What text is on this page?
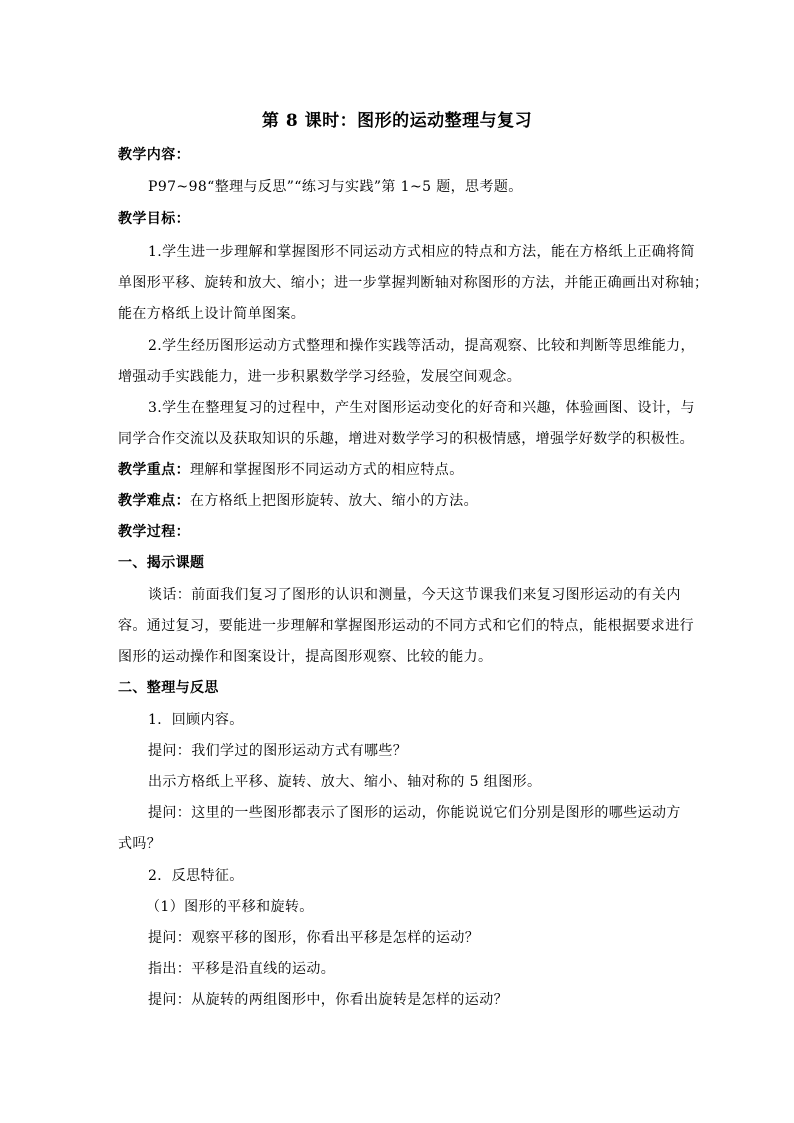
第 8 课时：图形的运动整理与复习
教学内容：
P97~98“整理与反思”“练习与实践”第 1~5 题，思考题。
教学目标：
1.学生进一步理解和掌握图形不同运动方式相应的特点和方法，能在方格纸上正确将简
单图形平移、旋转和放大、缩小；进一步掌握判断轴对称图形的方法，并能正确画出对称轴；
能在方格纸上设计简单图案。
2.学生经历图形运动方式整理和操作实践等活动，提高观察、比较和判断等思维能力，
增强动手实践能力，进一步积累数学学习经验，发展空间观念。
3.学生在整理复习的过程中，产生对图形运动变化的好奇和兴趣，体验画图、设计，与
同学合作交流以及获取知识的乐趣，增进对数学学习的积极情感，增强学好数学的积极性。
教学重点：理解和掌握图形不同运动方式的相应特点。
教学难点：在方格纸上把图形旋转、放大、缩小的方法。
教学过程：
一、揭示课题
谈话：前面我们复习了图形的认识和测量，今天这节课我们来复习图形运动的有关内
容。通过复习，要能进一步理解和掌握图形运动的不同方式和它们的特点，能根据要求进行
图形的运动操作和图案设计，提高图形观察、比较的能力。
二、整理与反思
1．回顾内容。
提问：我们学过的图形运动方式有哪些？
出示方格纸上平移、旋转、放大、缩小、轴对称的 5 组图形。
提问：这里的一些图形都表示了图形的运动，你能说说它们分别是图形的哪些运动方
式吗？
2．反思特征。
（1）图形的平移和旋转。
提问：观察平移的图形，你看出平移是怎样的运动？
指出：平移是沿直线的运动。
提问：从旋转的两组图形中，你看出旋转是怎样的运动？
